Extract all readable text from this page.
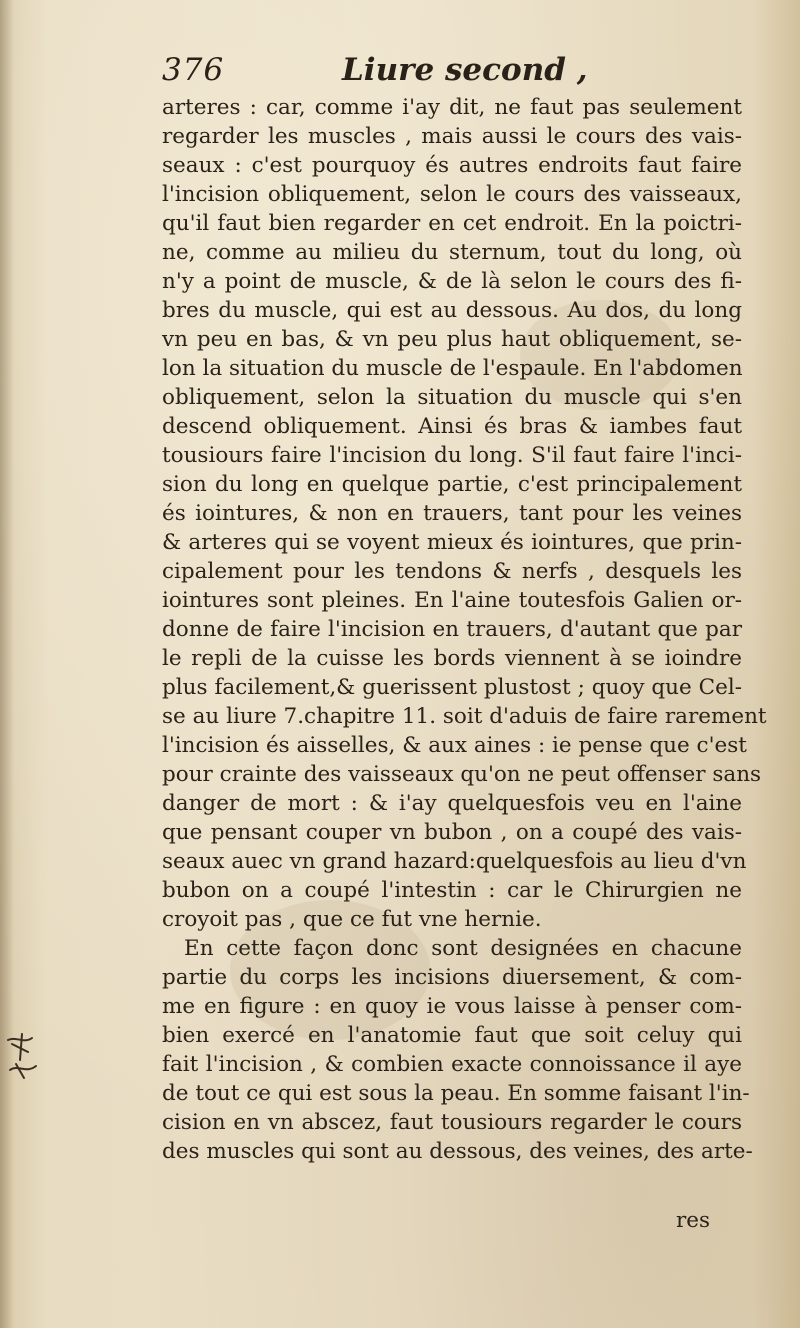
376	Liure second ,
arteres : car, comme i'ay dit, ne faut pas seulement
regarder les muscles , mais aussi le cours des vais-
seaux : c'est pourquoy és autres endroits faut faire
l'incision obliquement, selon le cours des vaisseaux,
qu'il faut bien regarder en cet endroit. En la poictri-
ne, comme au milieu du sternum, tout du long, où
n'y a point de muscle, & de là selon le cours des fi-
bres du muscle, qui est au dessous. Au dos, du long
vn peu en bas, & vn peu plus haut obliquement, se-
lon la situation du muscle de l'espaule. En l'abdomen
obliquement, selon la situation du muscle qui s'en
descend obliquement. Ainsi és bras & iambes faut
tousiours faire l'incision du long. S'il faut faire l'inci-
sion du long en quelque partie, c'est principalement
és iointures, & non en trauers, tant pour les veines
& arteres qui se voyent mieux és iointures, que prin-
cipalement pour les tendons & nerfs , desquels les
iointures sont pleines. En l'aine toutesfois Galien or-
donne de faire l'incision en trauers, d'autant que par
le repli de la cuisse les bords viennent à se ioindre
plus facilement,& guerissent plustost ; quoy que Cel-
se au liure 7.chapitre 11. soit d'aduis de faire rarement
l'incision és aisselles, & aux aines : ie pense que c'est
pour crainte des vaisseaux qu'on ne peut offenser sans
danger de mort : & i'ay quelquesfois veu en l'aine
que pensant couper vn bubon , on a coupé des vais-
seaux auec vn grand hazard:quelquesfois au lieu d'vn
bubon on a coupé l'intestin : car le Chirurgien ne
croyoit pas , que ce fut vne hernie.
En cette façon donc sont designées en chacune
partie du corps les incisions diuersement, & com-
me en figure : en quoy ie vous laisse à penser com-
bien exercé en l'anatomie faut que soit celuy qui
fait l'incision , & combien exacte connoissance il aye
de tout ce qui est sous la peau. En somme faisant l'in-
cision en vn abscez, faut tousiours regarder le cours
des muscles qui sont au dessous, des veines, des arte-
res
